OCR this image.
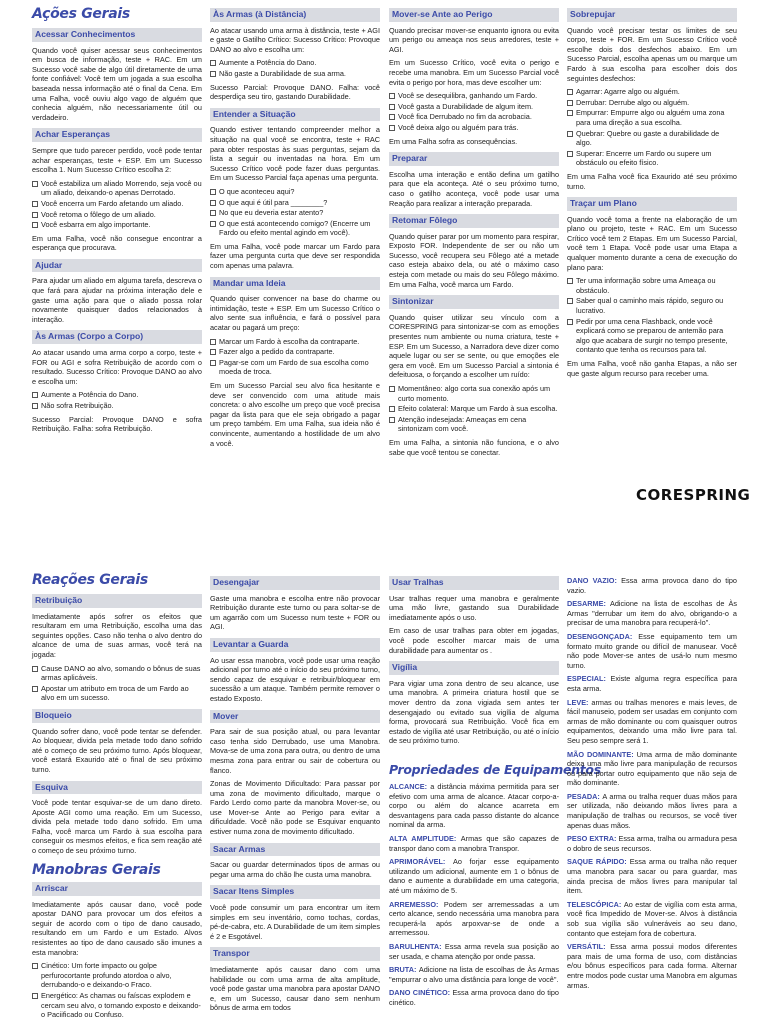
Ações Gerais
Acessar Conhecimentos

Quando você quiser acessar seus conhecimentos em busca de informação, teste + RAC. Em um Sucesso você sabe de algo útil diretamente de uma fonte confiável: Você tem um jogada a sua escolha baseada nessa informação até o final da Cena. Em uma Falha, você ouviu algo vago de alguém que conhecia alguém, não necessariamente útil ou verdadeiro.

Achar Esperanças

Sempre que tudo parecer perdido, você pode tentar achar esperanças, teste + ESP. Em um Sucesso escolha 1. Num Sucesso Crítico escolha 2:

Você estabiliza um aliado Morrendo, seja você ou um aliado, deixando-o apenas Derrotado.
Você encerra um Fardo afetando um aliado.
Você retoma o fôlego de um aliado.
Você esbarra em algo importante.

Em uma Falha, você não consegue encontrar a esperança que procurava.

Ajudar

Para ajudar um aliado em alguma tarefa, descreva o que fará para ajudar na próxima interação dele e gaste uma ação para que o aliado possa rolar novamente quaisquer dados relacionados à interação.

Às Armas (Corpo a Corpo)

Ao atacar usando uma arma corpo a corpo, teste + FOR ou AGI e sofra Retribuição de acordo com o resultado. Sucesso Crítico: Provoque DANO ao alvo e escolha um:

Aumente a Potência do Dano.
Não sofra Retribuição.

Sucesso Parcial: Provoque DANO e sofra Retribuição. Falha: sofra Retribuição.

Às Armas (à Distância)

Ao atacar usando uma arma à distância, teste + AGI e gaste o Gatilho Crítico: Sucesso Crítico: Provoque DANO ao alvo e escolha um:

Aumente a Potência do Dano.
Não gaste a Durabilidade de sua arma.

Sucesso Parcial: Provoque DANO. Falha: você desperdiça seu tiro, gastando Durabilidade.

Entender a Situação

Quando estiver tentando compreender melhor a situação na qual você se encontra, teste + RAC para obter respostas às suas perguntas, sejam da lista a seguir ou inventadas na hora. Em um Sucesso Crítico você pode fazer duas perguntas. Em um Sucesso Parcial faça apenas uma pergunta.

O que aconteceu aqui?
O que aqui é útil para ________?
No que eu deveria estar atento?
O que está acontecendo comigo? (Encerre um Fardo ou efeito mental agindo em você).

Em uma Falha, você pode marcar um Fardo para fazer uma pergunta curta que deve ser respondida com apenas uma palavra.

Mandar uma Ideia

Quando quiser convencer na base do charme ou intimidação, teste + ESP. Em um Sucesso Crítico o alvo sente sua influência, e fará o possível para acatar ou pagará um preço:

Marcar um Fardo à escolha da contraparte.
Fazer algo a pedido da contraparte.
Pagar-se com um Fardo de sua escolha como moeda de troca.

Em um Sucesso Parcial seu alvo fica hesitante e deve ser convencido com uma atitude mais concreta: o alvo escolhe um preço que você precisa pagar da lista para que ele seja obrigado a pagar um preço também. Em uma Falha, sua ideia não é convincente, aumentando a hostilidade de um alvo a você.

Mover-se Ante ao Perigo

Quando precisar mover-se enquanto ignora ou evita um perigo ou ameaça nos seus arredores, teste + AGI.

Em um Sucesso Crítico, você evita o perigo e recebe uma manobra. Em um Sucesso Parcial você evita o perigo por hora, mas deve escolher um:

Você se desequilibra, ganhando um Fardo.
Você gasta a Durabilidade de algum item.
Você fica Derrubado no fim da acrobacia.
Você deixa algo ou alguém para trás.

Em uma Falha sofra as consequências.

Preparar

Escolha uma interação e então defina um gatilho para que ela aconteça. Até o seu próximo turno, caso o gatilho aconteça, você pode usar uma Reação para realizar a interação preparada.

Retomar Fôlego

Quando quiser parar por um momento para respirar, Exposto FOR. Independente de ser ou não um Sucesso, você recupera seu Fôlego até a metade caso esteja abaixo dela, ou até o máximo caso esteja com metade ou mais do seu Fôlego máximo. Em uma Falha, você marca um Fardo.

Sintonizar

Quando quiser utilizar seu vínculo com a CORESPRING para sintonizar-se com as emoções presentes num ambiente ou numa criatura, teste + ESP. Em um Sucesso, a Narradora deve dizer como aquele lugar ou ser se sente, ou que emoções ele gera em você. Em um Sucesso Parcial a sintonia é defeituosa, o forçando a escolher um ruído:

Momentâneo: algo corta sua conexão após um curto momento.
Efeito colateral: Marque um Fardo à sua escolha.
Atenção indesejada: Ameaças em cena sintonizam com você.

Em uma Falha, a sintonia não funciona, e o alvo sabe que você tentou se conectar.

Sobrepujar

Quando você precisar testar os limites de seu corpo, teste + FOR. Em um Sucesso Crítico você escolhe dois dos desfechos abaixo. Em um Sucesso Parcial, escolha apenas um ou marque um Fardo à sua escolha para escolher dois dos seguintes desfechos:

Agarrar: Agarre algo ou alguém.
Derrubar: Derrube algo ou alguém.
Empurrar: Empurre algo ou alguém uma zona para uma direção a sua escolha.
Quebrar: Quebre ou gaste a durabilidade de algo.
Superar: Encerre um Fardo ou supere um obstáculo ou efeito físico.

Em uma Falha você fica Exaurido até seu próximo turno.

Traçar um Plano

Quando você toma a frente na elaboração de um plano ou projeto, teste + RAC. Em um Sucesso Crítico você tem 2 Etapas. Em um Sucesso Parcial, você tem 1 Etapa. Você pode usar uma Etapa a qualquer momento durante a cena de execução do plano para:

Ter uma informação sobre uma Ameaça ou obstáculo.
Saber qual o caminho mais rápido, seguro ou lucrativo.
Pedir por uma cena Flashback, onde você explicará como se preparou de antemão para algo que acabara de surgir no tempo presente, contanto que tenha os recursos para tal.

Em uma Falha, você não ganha Etapas, a não ser que gaste algum recurso para receber uma.

CORESPRING
Reações Gerais
Retribuição

Imediatamente após sofrer os efeitos que resultaram em uma Retribuição, escolha uma das seguintes opções. Caso não tenha o alvo dentro do alcance de uma de suas armas, você terá na jogada:

Cause DANO ao alvo, somando o bônus de suas armas aplicáveis.
Apostar um atributo em troca de um Fardo ao alvo em um sucesso.
Bloqueio

Quando sofrer dano, você pode tentar se defender. Ao bloquear, divida pela metade todo dano sofrido até o começo de seu próximo turno. Após bloquear, você estará Exaurido até o final de seu próximo turno.

Esquiva

Você pode tentar esquivar-se de um dano direto. Aposte AGI como uma reação. Em um Sucesso, divida pela metade todo dano sofrido. Em uma Falha, você marca um Fardo à sua escolha para conseguir os mesmos efeitos, e fica sem reação até o começo de seu próximo turno.

Manobras Gerais
Arriscar

Imediatamente após causar dano, você pode apostar DANO para provocar um dos efeitos a seguir de acordo com o tipo de dano causado, resultando em um Fardo e um Estado. Alvos resistentes ao tipo de dano causado são imunes a esta manobra:

Cinético: Um forte impacto ou golpe perfurocortante profundo atordoa o alvo, derrubando-o e deixando-o Fraco.
Energético: As chamas ou faíscas explodem e cercam seu alvo, o tornando exposto e deixando-o Paciificado ou Confuso.
Desengajar

Gaste uma manobra e escolha entre não provocar Retribuição durante este turno ou para soltar-se de um agarrão com um Sucesso num teste + FOR ou AGI.

Levantar a Guarda

Ao usar essa manobra, você pode usar uma reação adicional por turno até o início do seu próximo turno, sendo capaz de esquivar e retribuir/bloquear em sucessão a um ataque. Também permite remover o estado Exposto.

Mover

Para sair de sua posição atual, ou para levantar caso tenha sido Derrubado, use uma Manobra. Mova-se de uma zona para outra, ou dentro de uma mesma zona para entrar ou sair de cobertura ou flanco.

Zonas de Movimento Dificultado: Para passar por uma zona de movimento dificultado, marque o Fardo Lerdo como parte da manobra Mover-se, ou use Mover-se Ante ao Perigo para evitar a dificuldade. Você não pode se Esquivar enquanto estiver numa zona de movimento dificultado.

Sacar Armas

Sacar ou guardar determinados tipos de armas ou pegar uma arma do chão lhe custa uma manobra.

Sacar Itens Simples

Você pode consumir um para encontrar um item simples em seu inventário, como tochas, cordas, pé-de-cabra, etc. A Durabilidade de um item simples é 2 e Esgotável.

Transpor

Imediatamente após causar dano com uma habilidade ou com uma arma de alta amplitude, você pode gastar uma manobra para apostar DANO e, em um Sucesso, causar dano sem nenhum bônus de arma em todos

Usar Tralhas

Usar tralhas requer uma manobra e geralmente uma mão livre, gastando sua Durabilidade imediatamente após o uso.

Em caso de usar tralhas para obter em jogadas, você pode escolher marcar mais de uma durabilidade para aumentar os .

Vigília

Para vigiar uma zona dentro de seu alcance, use uma manobra. A primeira criatura hostil que se mover dentro da zona vigiada sem antes ter desengajado ou evitado sua vigília de alguma forma, provocará sua Retribuição. Você fica em estado de vigília até usar Retribuição, ou até o início de seu próximo turno.

Propriedades de Equipamentos

ALCANCE: a distância máxima permitida para ser efetivo com uma arma de alcance. Atacar corpo-a-corpo ou além do alcance acarreta em desvantagens para cada passo distante do alcance nominal da arma.

ALTA AMPLITUDE: Armas que são capazes de transpor dano com a manobra Transpor.

APRIMORÁVEL: Ao forjar esse equipamento utilizando um adicional, aumente em 1 o bônus de dano e aumente a durabilidade em uma categoria, até um máximo de 5.

ARREMESSO: Podem ser arremessadas a um certo alcance, sendo necessária uma manobra para recuperá-la após arpoxvar-se de onde a arremessou.

BARULHENTA: Essa arma revela sua posição ao ser usada, e chama atenção por onde passa.

BRUTA: Adicione na lista de escolhas de Às Armas "empurrar o alvo uma distância para longe de você".

DANO CINÉTICO: Essa arma provoca dano do tipo cinético.

DANO VAZIO: Essa arma provoca dano do tipo vazio.

DESARME: Adicione na lista de escolhas de Às Armas "derrubar um item do alvo, obrigando-o a precisar de uma manobra para recuperá-lo".

DESENGONÇADA: Esse equipamento tem um formato muito grande ou difícil de manusear. Você não pode Mover-se antes de usá-lo num mesmo turno.

ESPECIAL: Existe alguma regra específica para esta arma.

LEVE: armas ou tralhas menores e mais leves, de fácil manuseio, podem ser usadas em conjunto com armas de mão dominante ou com quaisquer outros equipamentos, deixando uma mão livre para tal. Seu peso sempre será 1.

MÃO DOMINANTE: Uma arma de mão dominante deixa uma mão livre para manipulação de recursos ou para portar outro equipamento que não seja de mão dominante.

PESADA: A arma ou tralha requer duas mãos para ser utilizada, não deixando mãos livres para a manipulação de tralhas ou recursos, se você tiver apenas duas mãos.

PESO EXTRA: Essa arma, tralha ou armadura pesa o dobro de seus recursos.

SAQUE RÁPIDO: Essa arma ou tralha não requer uma manobra para sacar ou para guardar, mas ainda precisa de mãos livres para manipular tal item.

TELESCÓPICA: Ao estar de vigília com esta arma, você fica Impedido de Mover-se. Alvos à distância sob sua vigília são vulneráveis ao seu dano, contanto que estejam fora de cobertura.

VERSÁTIL: Essa arma possui modos diferentes para mais de uma forma de uso, com distâncias e/ou bônus específicos para cada forma. Alternar entre modos pode custar uma Manobra em algumas armas.
